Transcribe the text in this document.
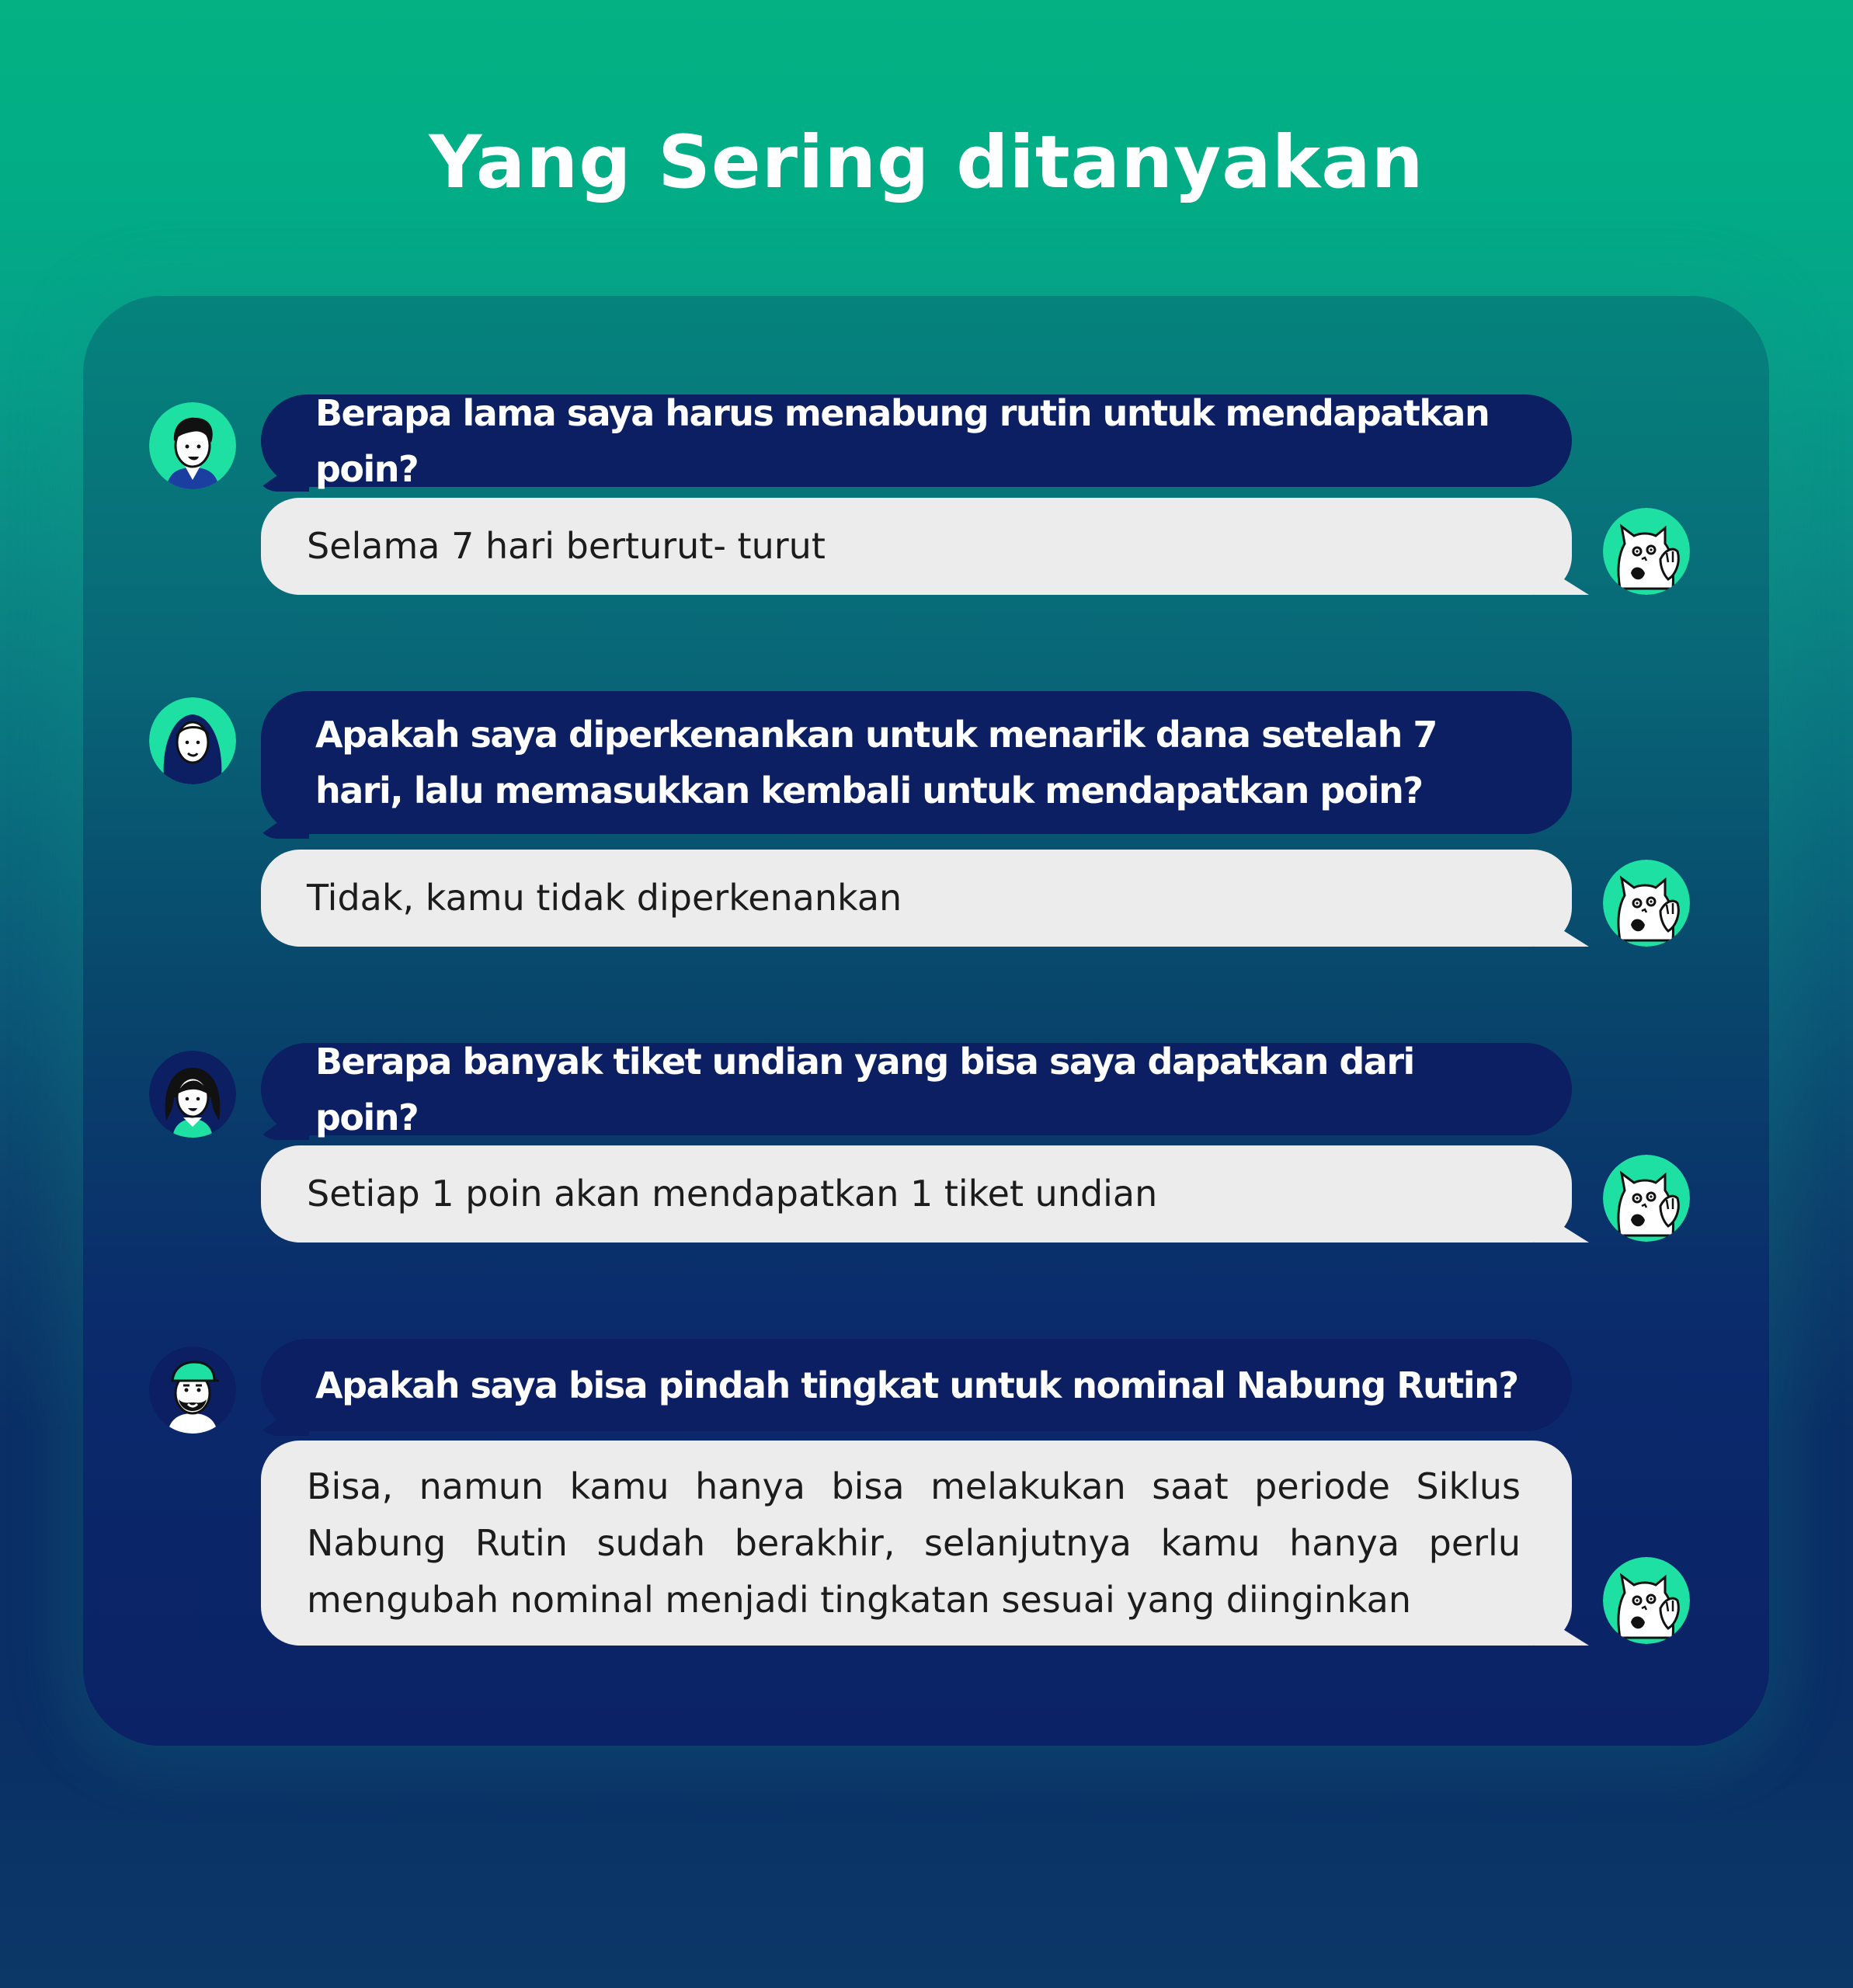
Yang Sering ditanyakan
Berapa lama saya harus menabung rutin untuk mendapatkan poin?
Selama 7 hari berturut- turut
Apakah saya diperkenankan untuk menarik dana setelah 7 hari, lalu memasukkan kembali untuk mendapatkan poin?
Tidak, kamu tidak diperkenankan
Berapa banyak tiket undian yang bisa saya dapatkan dari poin?
Setiap 1 poin akan mendapatkan 1 tiket undian
Apakah saya bisa pindah tingkat untuk nominal Nabung Rutin?
Bisa, namun kamu hanya bisa melakukan saat periode Siklus Nabung Rutin sudah berakhir, selanjutnya kamu hanya perlu mengubah nominal menjadi tingkatan sesuai yang diinginkan
